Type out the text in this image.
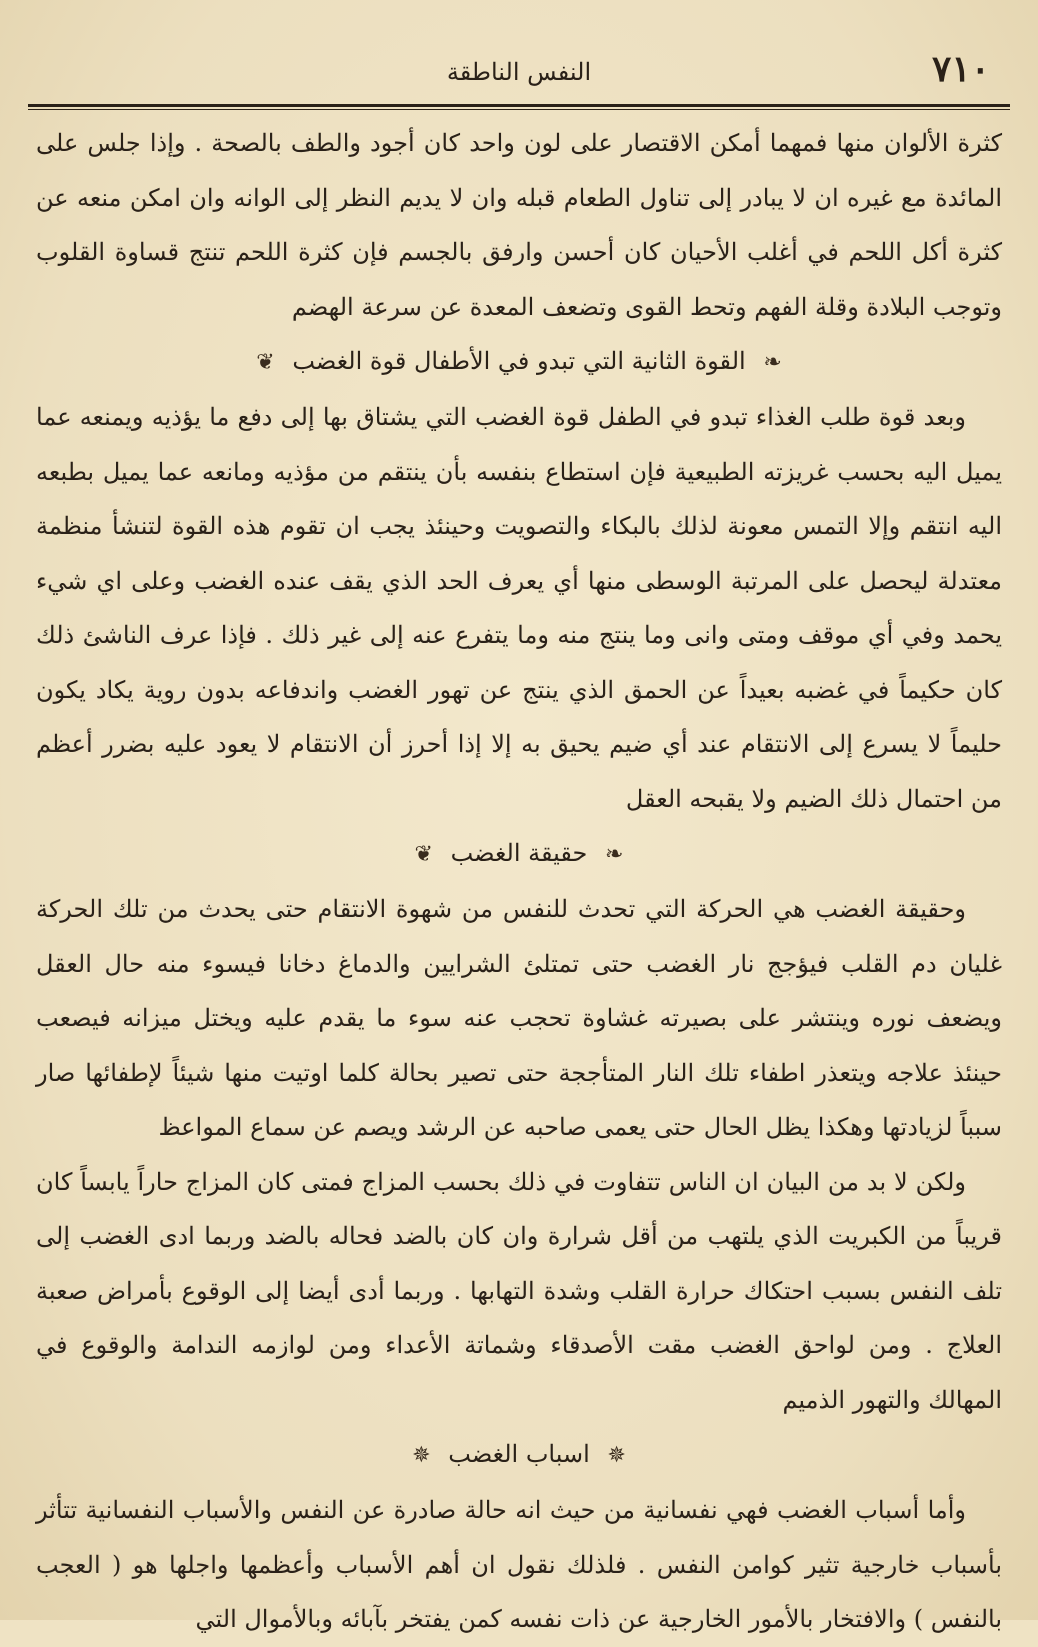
٧١٠
النفس الناطقة

كثرة الألوان منها فمهما أمكن الاقتصار على لون واحد كان أجود والطف بالصحة . وإذا جلس على المائدة مع غيره ان لا يبادر إلى تناول الطعام قبله وان لا يديم النظر إلى الوانه وان امكن منعه عن كثرة أكل اللحم في أغلب الأحيان كان أحسن وارفق بالجسم فإن كثرة اللحم تنتج قساوة القلوب وتوجب البلادة وقلة الفهم وتحط القوى وتضعف المعدة عن سرعة الهضم

❧ القوة الثانية التي تبدو في الأطفال قوة الغضب ❦

وبعد قوة طلب الغذاء تبدو في الطفل قوة الغضب التي يشتاق بها إلى دفع ما يؤذيه ويمنعه عما يميل اليه بحسب غريزته الطبيعية فإن استطاع بنفسه بأن ينتقم من مؤذيه ومانعه عما يميل بطبعه اليه انتقم وإلا التمس معونة لذلك بالبكاء والتصويت وحينئذ يجب ان تقوم هذه القوة لتنشأ منظمة معتدلة ليحصل على المرتبة الوسطى منها أي يعرف الحد الذي يقف عنده الغضب وعلى اي شيء يحمد وفي أي موقف ومتى وانى وما ينتج منه وما يتفرع عنه إلى غير ذلك . فإذا عرف الناشئ ذلك كان حكيماً في غضبه بعيداً عن الحمق الذي ينتج عن تهور الغضب واندفاعه بدون روية يكاد يكون حليماً لا يسرع إلى الانتقام عند أي ضيم يحيق به إلا إذا أحرز أن الانتقام لا يعود عليه بضرر أعظم من احتمال ذلك الضيم ولا يقبحه العقل

❧ حقيقة الغضب ❦

وحقيقة الغضب هي الحركة التي تحدث للنفس من شهوة الانتقام حتى يحدث من تلك الحركة غليان دم القلب فيؤجج نار الغضب حتى تمتلئ الشرايين والدماغ دخانا فيسوء منه حال العقل ويضعف نوره وينتشر على بصيرته غشاوة تحجب عنه سوء ما يقدم عليه ويختل ميزانه فيصعب حينئذ علاجه ويتعذر اطفاء تلك النار المتأججة حتى تصير بحالة كلما اوتيت منها شيئاً لإطفائها صار سبباً لزيادتها وهكذا يظل الحال حتى يعمى صاحبه عن الرشد ويصم عن سماع المواعظ

ولكن لا بد من البيان ان الناس تتفاوت في ذلك بحسب المزاج فمتى كان المزاج حاراً يابساً كان قريباً من الكبريت الذي يلتهب من أقل شرارة وان كان بالضد فحاله بالضد وربما ادى الغضب إلى تلف النفس بسبب احتكاك حرارة القلب وشدة التهابها . وربما أدى أيضا إلى الوقوع بأمراض صعبة العلاج . ومن لواحق الغضب مقت الأصدقاء وشماتة الأعداء ومن لوازمه الندامة والوقوع في المهالك والتهور الذميم

✵ اسباب الغضب ✵

وأما أسباب الغضب فهي نفسانية من حيث انه حالة صادرة عن النفس والأسباب النفسانية تتأثر بأسباب خارجية تثير كوامن النفس . فلذلك نقول ان أهم الأسباب وأعظمها واجلها هو ( العجب بالنفس ) والافتخار بالأمور الخارجية عن ذات نفسه كمن يفتخر بآبائه وبالأموال التي
